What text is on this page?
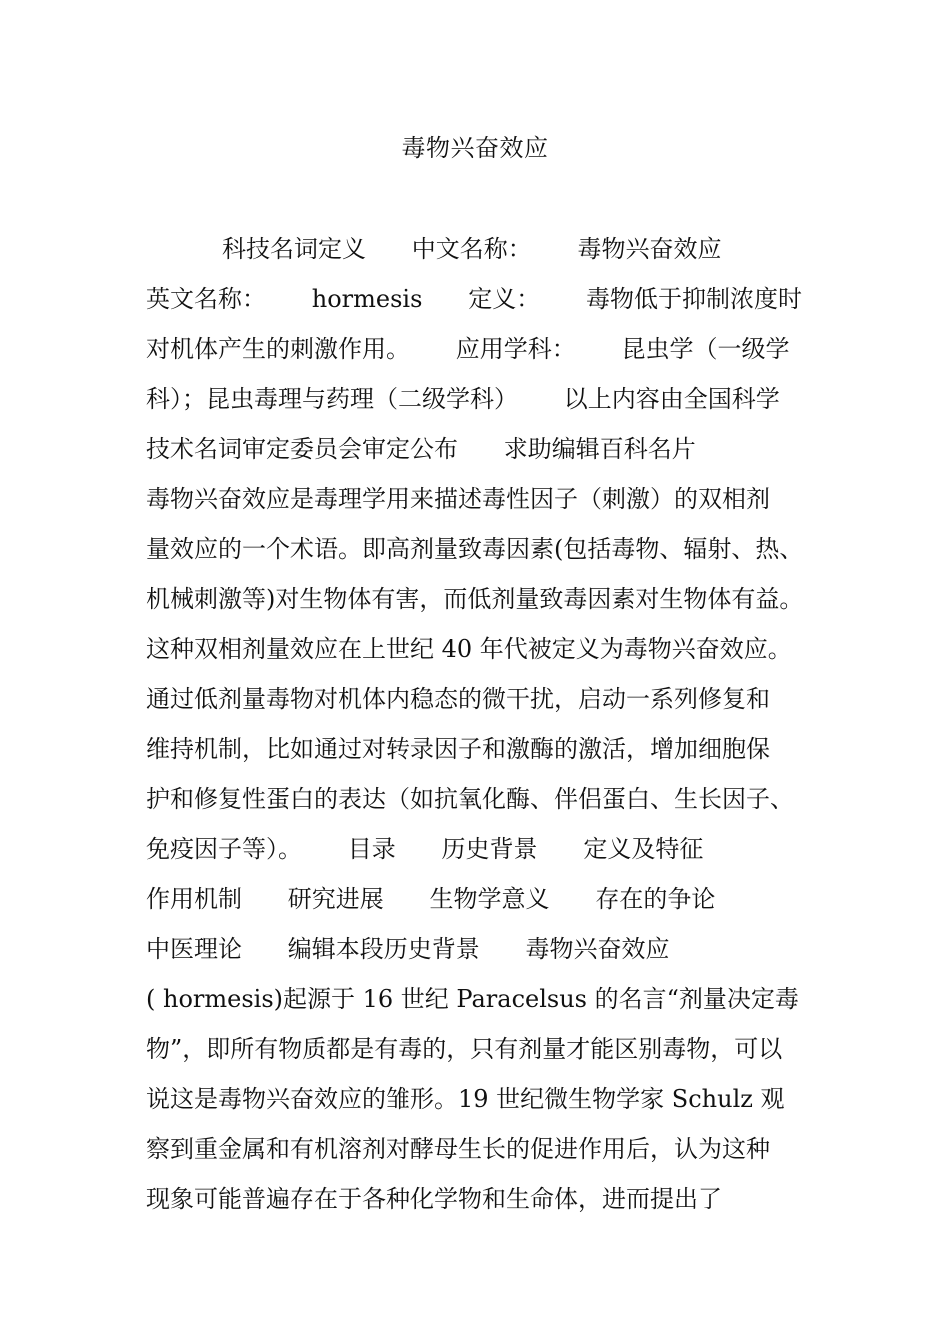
毒物兴奋效应
科技名词定义      中文名称：      毒物兴奋效应
英文名称：      hormesis      定义：      毒物低于抑制浓度时
对机体产生的刺激作用。      应用学科：      昆虫学（一级学
科）；昆虫毒理与药理（二级学科）      以上内容由全国科学
技术名词审定委员会审定公布      求助编辑百科名片
毒物兴奋效应是毒理学用来描述毒性因子（刺激）的双相剂
量效应的一个术语。即高剂量致毒因素(包括毒物、辐射、热、
机械刺激等)对生物体有害，而低剂量致毒因素对生物体有益。
这种双相剂量效应在上世纪 40 年代被定义为毒物兴奋效应。
通过低剂量毒物对机体内稳态的微干扰，启动一系列修复和
维持机制，比如通过对转录因子和激酶的激活，增加细胞保
护和修复性蛋白的表达（如抗氧化酶、伴侣蛋白、生长因子、
免疫因子等）。      目录      历史背景      定义及特征
作用机制      研究进展      生物学意义      存在的争论
中医理论      编辑本段历史背景      毒物兴奋效应
( hormesis)起源于 16 世纪 Paracelsus 的名言“剂量决定毒
物”，即所有物质都是有毒的，只有剂量才能区别毒物，可以
说这是毒物兴奋效应的雏形。19 世纪微生物学家 Schulz 观
察到重金属和有机溶剂对酵母生长的促进作用后，认为这种
现象可能普遍存在于各种化学物和生命体，进而提出了
